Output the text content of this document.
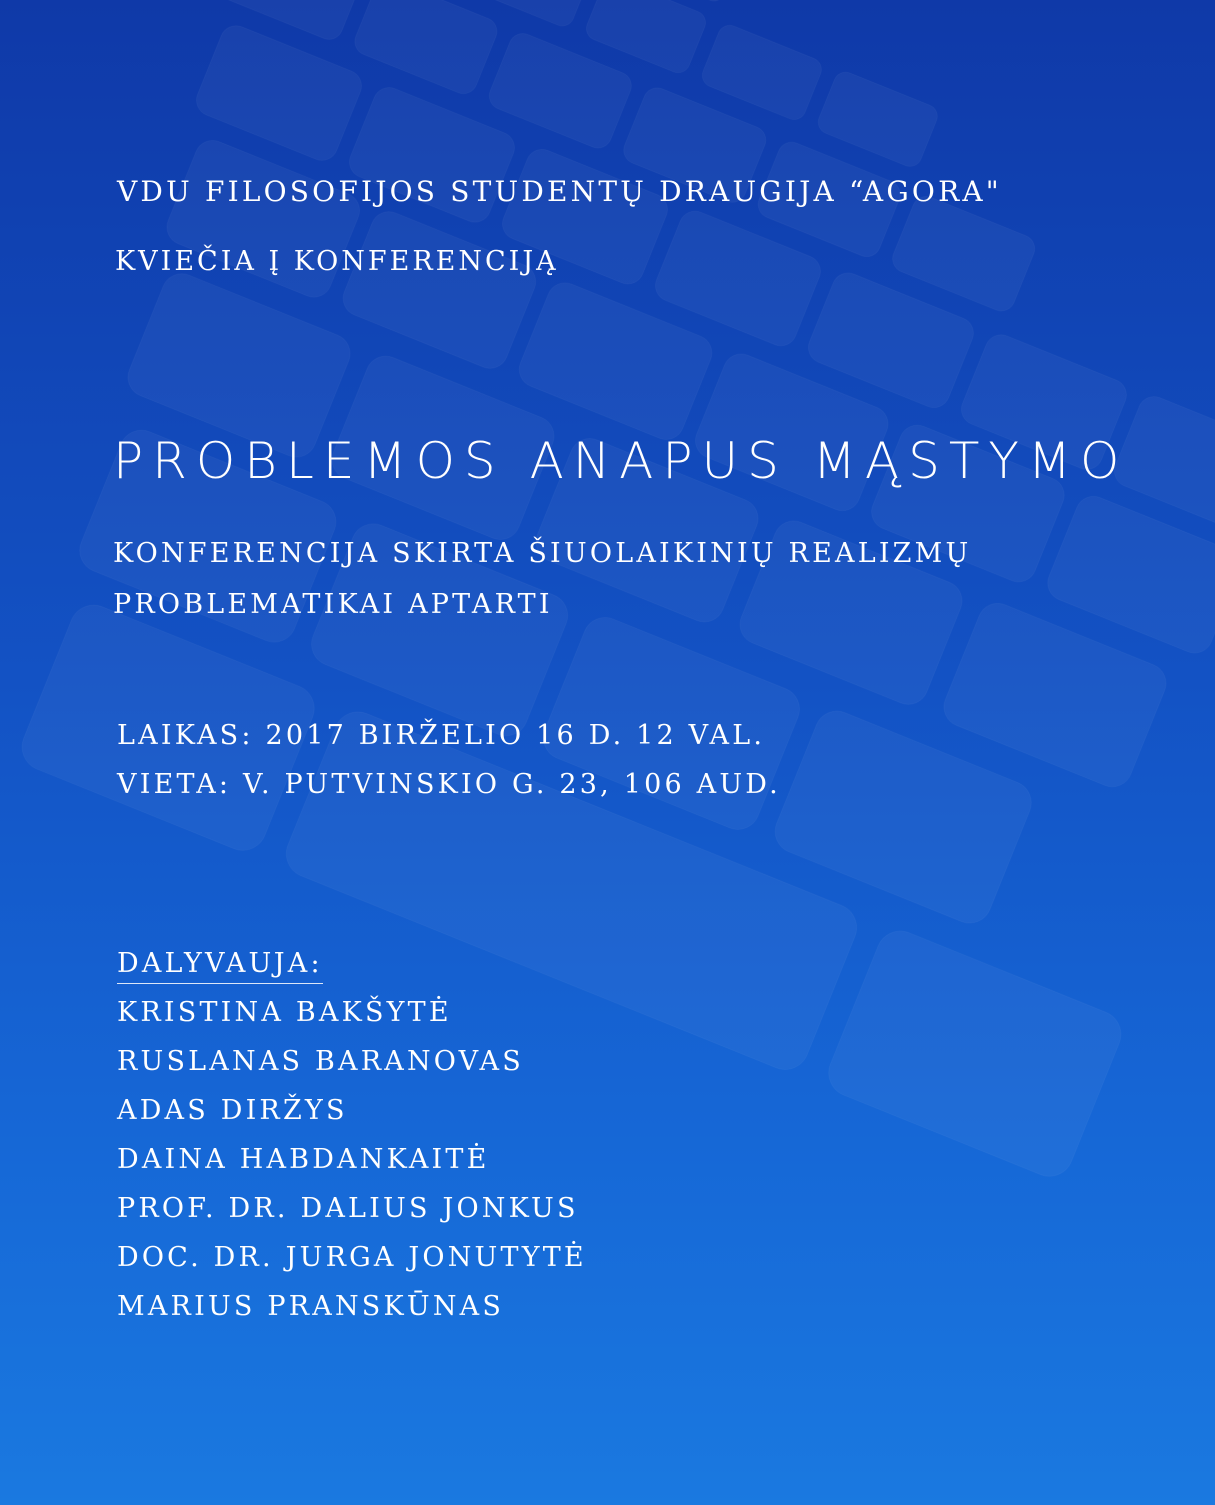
VDU FILOSOFIJOS STUDENTŲ DRAUGIJA “AGORA"
KVIEČIA Į KONFERENCIJĄ
PROBLEMOS ANAPUS MĄSTYMO
KONFERENCIJA SKIRTA ŠIUOLAIKINIŲ REALIZMŲ
PROBLEMATIKAI APTARTI
LAIKAS: 2017 BIRŽELIO 16 D. 12 VAL.
VIETA: V. PUTVINSKIO G. 23, 106 AUD.
DALYVAUJA:
KRISTINA BAKŠYTĖ
RUSLANAS BARANOVAS
ADAS DIRŽYS
DAINA HABDANKAITĖ
PROF. DR. DALIUS JONKUS
DOC. DR. JURGA JONUTYTĖ
MARIUS PRANSKŪNAS
